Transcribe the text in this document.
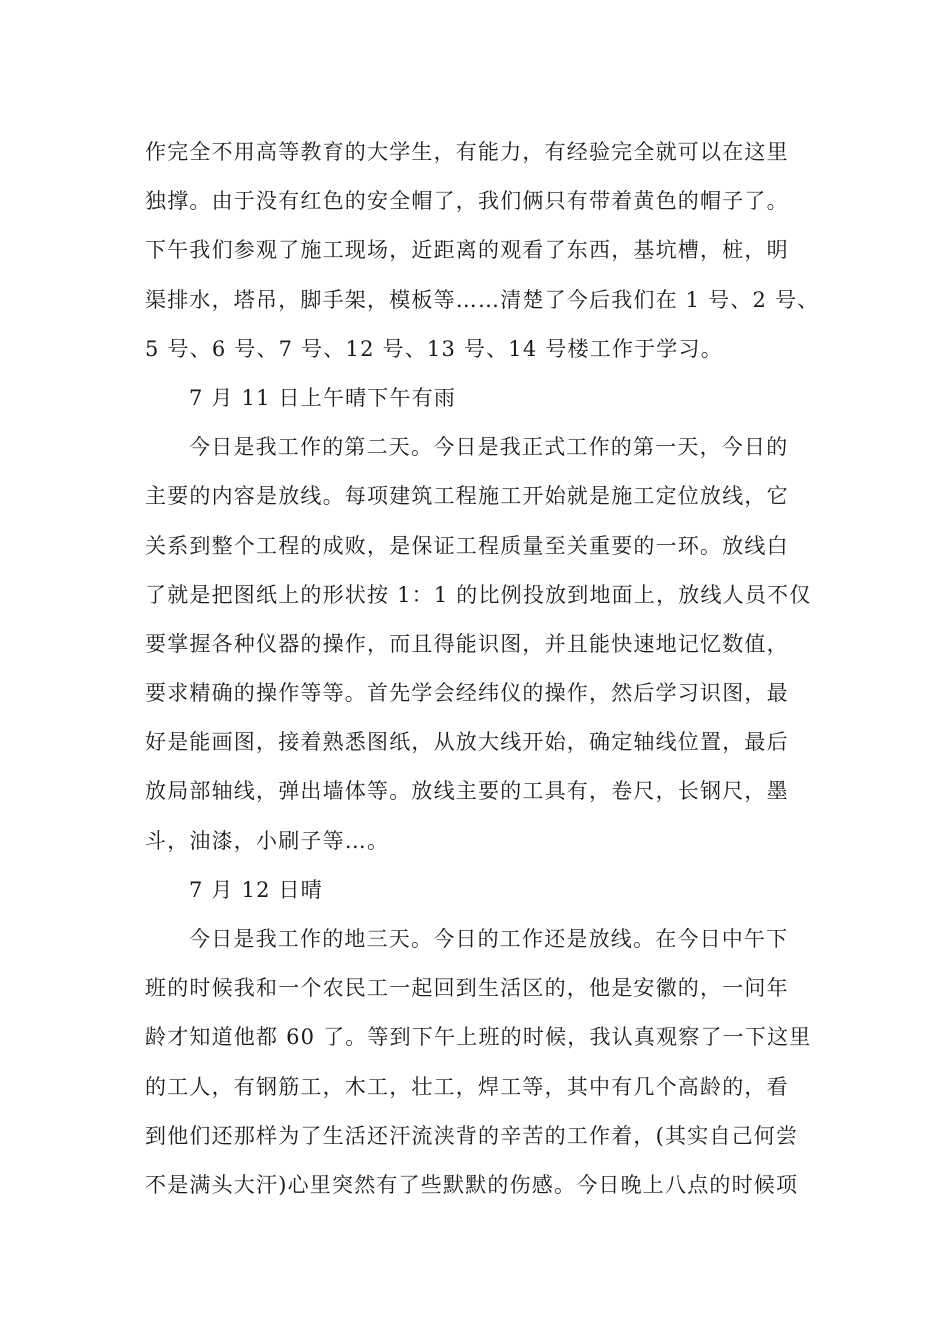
作完全不用高等教育的大学生，有能力，有经验完全就可以在这里
独撑。由于没有红色的安全帽了，我们俩只有带着黄色的帽子了。
下午我们参观了施工现场，近距离的观看了东西，基坑槽，桩，明
渠排水，塔吊，脚手架，模板等……清楚了今后我们在 1 号、2 号、
5 号、6 号、7 号、12 号、13 号、14 号楼工作于学习。
7 月 11 日上午晴下午有雨
今日是我工作的第二天。今日是我正式工作的第一天，今日的
主要的内容是放线。每项建筑工程施工开始就是施工定位放线，它
关系到整个工程的成败，是保证工程质量至关重要的一环。放线白
了就是把图纸上的形状按 1：1 的比例投放到地面上，放线人员不仅
要掌握各种仪器的操作，而且得能识图，并且能快速地记忆数值，
要求精确的操作等等。首先学会经纬仪的操作，然后学习识图，最
好是能画图，接着熟悉图纸，从放大线开始，确定轴线位置，最后
放局部轴线，弹出墙体等。放线主要的工具有，卷尺，长钢尺，墨
斗，油漆，小刷子等…。
7 月 12 日晴
今日是我工作的地三天。今日的工作还是放线。在今日中午下
班的时候我和一个农民工一起回到生活区的，他是安徽的，一问年
龄才知道他都 60 了。等到下午上班的时候，我认真观察了一下这里
的工人，有钢筋工，木工，壮工，焊工等，其中有几个高龄的，看
到他们还那样为了生活还汗流浃背的辛苦的工作着，(其实自己何尝
不是满头大汗)心里突然有了些默默的伤感。今日晚上八点的时候项
